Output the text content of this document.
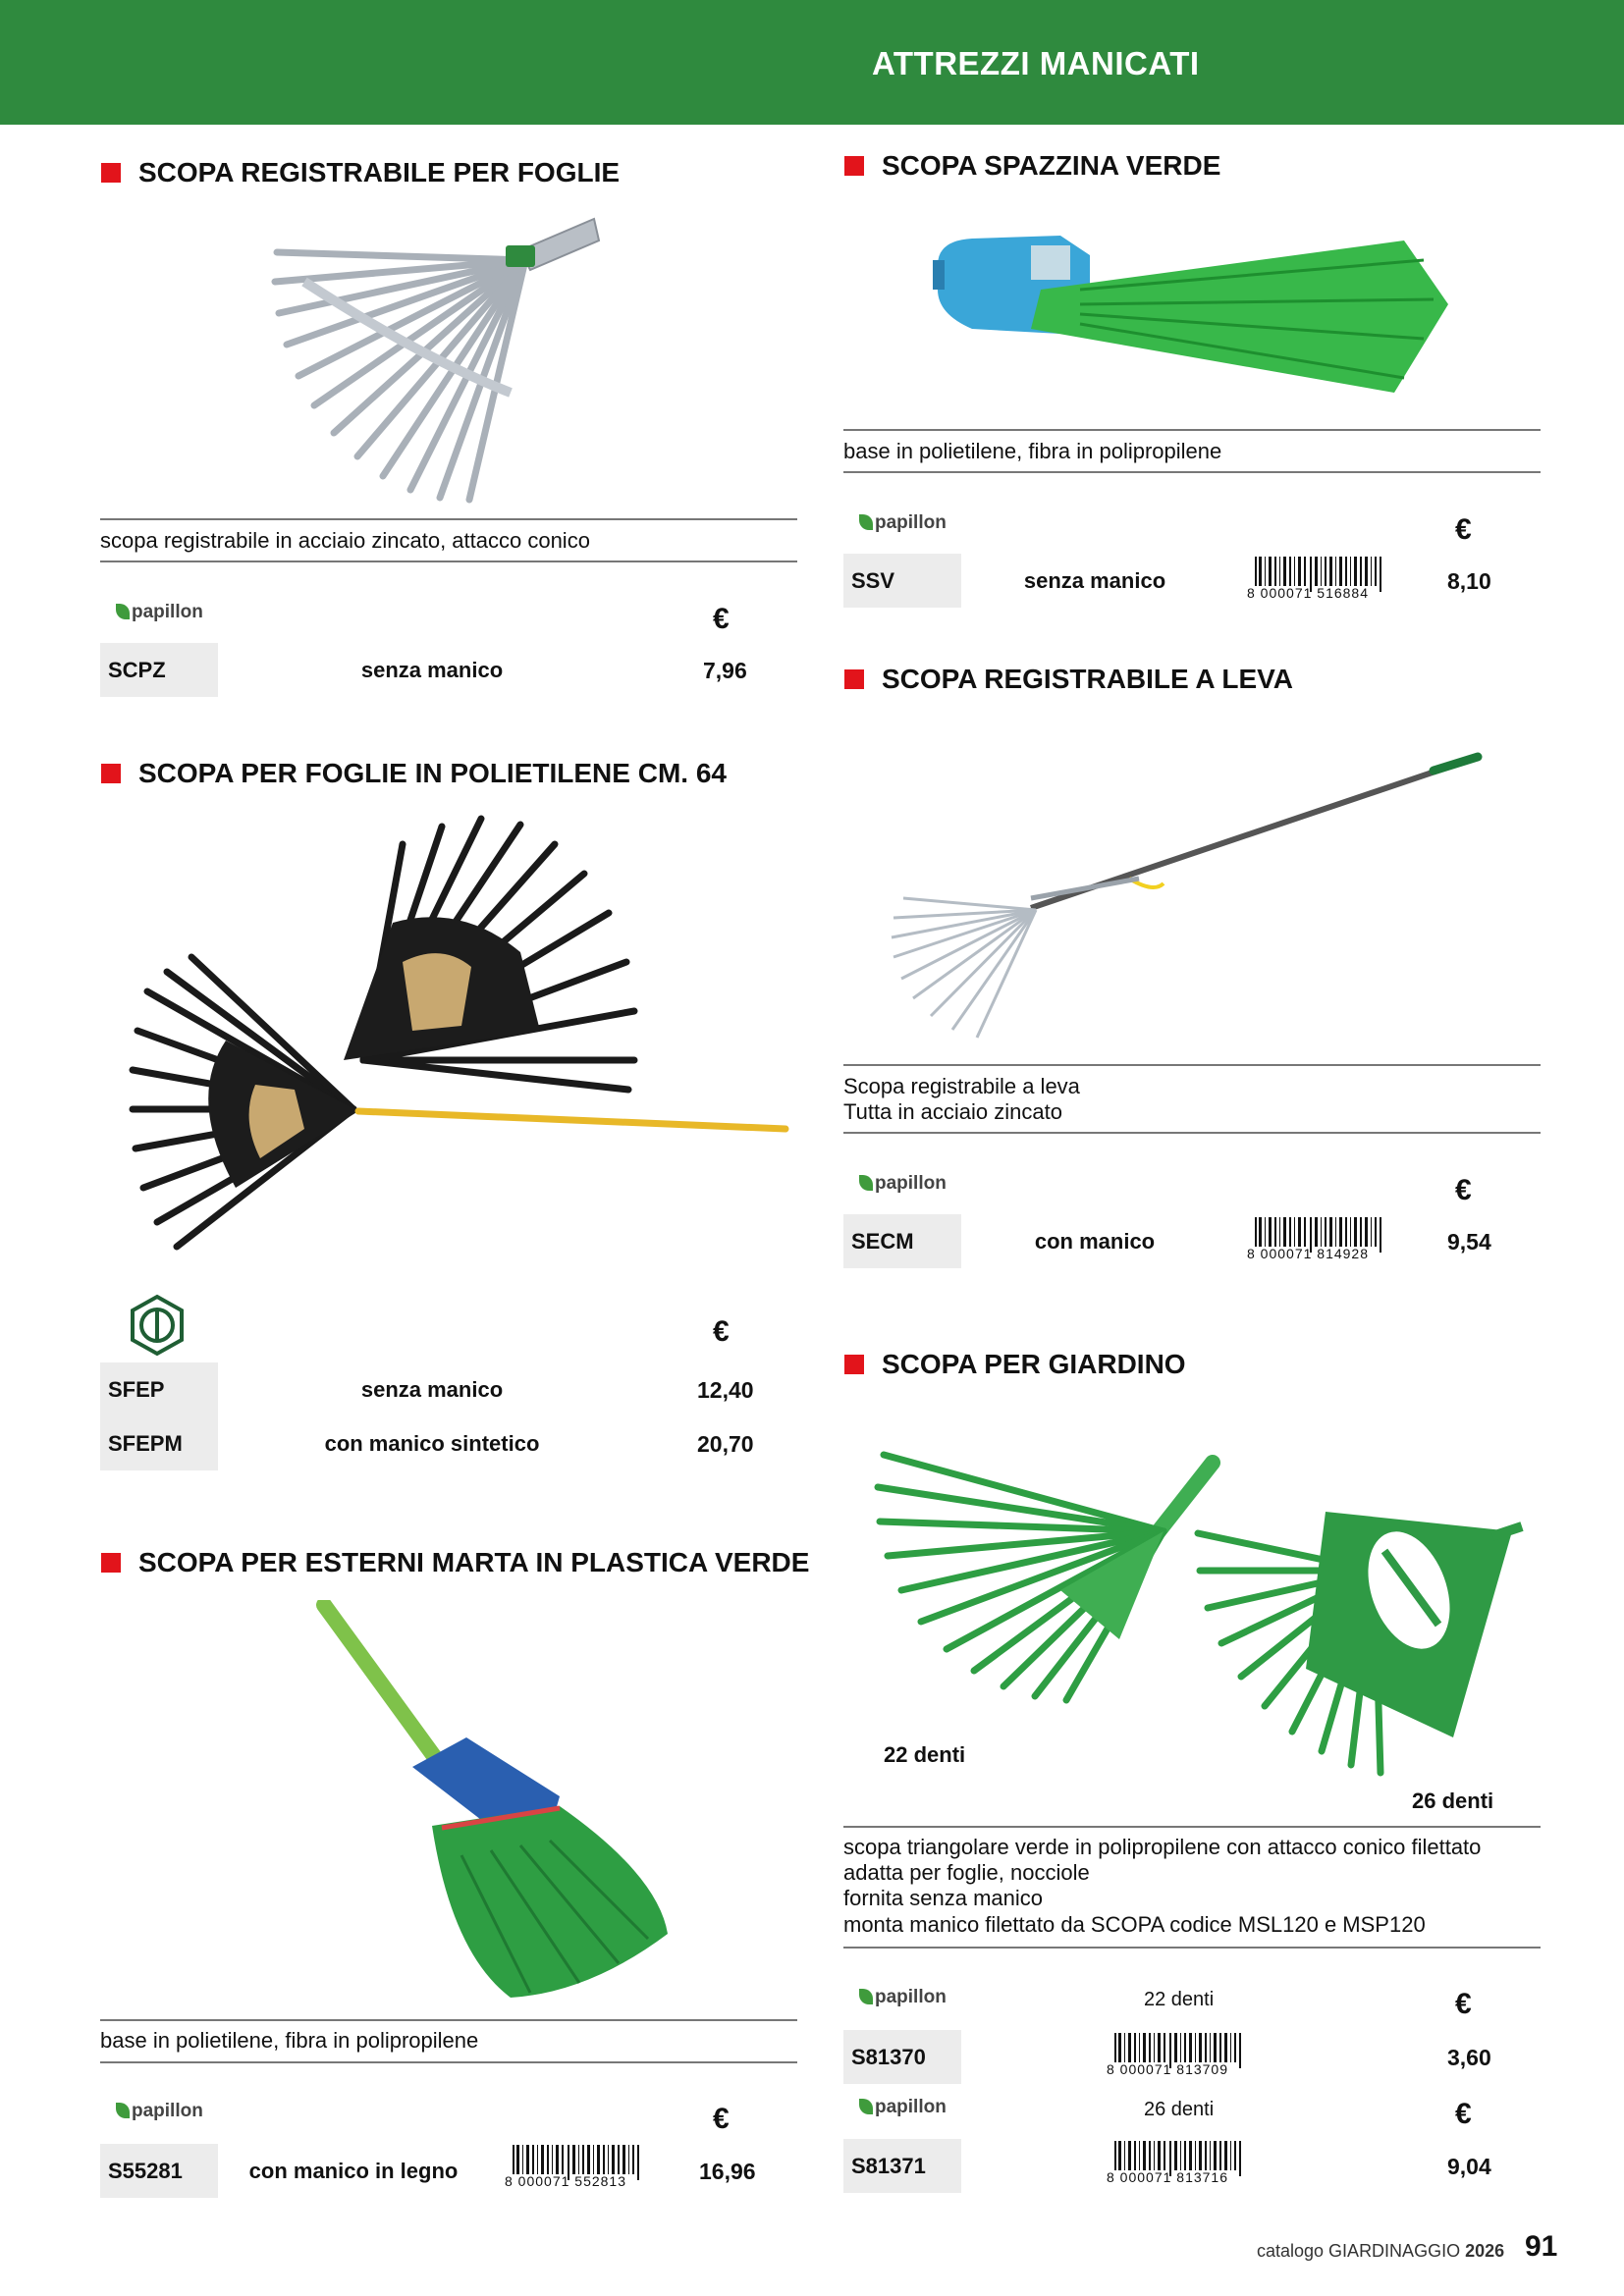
ATTREZZI MANICATI
SCOPA REGISTRABILE PER FOGLIE
scopa registrabile in acciaio zincato, attacco conico
papillon	€
SCPZ	senza manico	7,96
SCOPA PER FOGLIE IN POLIETILENE CM. 64
€
SFEP	senza manico	12,40
SFEPM	con manico sintetico	20,70
SCOPA PER ESTERNI MARTA IN PLASTICA VERDE
base in polietilene, fibra in polipropilene
papillon	€
S55281	con manico in legno	8 000071 552813	16,96
SCOPA SPAZZINA VERDE
base in polietilene, fibra in polipropilene
papillon	€
SSV	senza manico	8 000071 516884	8,10
SCOPA REGISTRABILE A LEVA
Scopa registrabile a leva
Tutta in acciaio zincato
papillon	€
SECM	con manico	8 000071 814928	9,54
SCOPA PER GIARDINO
22 denti
26 denti
scopa triangolare verde in polipropilene con attacco conico filettato
adatta per foglie, nocciole
fornita senza manico
monta manico filettato da SCOPA codice MSL120 e MSP120
papillon	22 denti	€
S81370	8 000071 813709	3,60
papillon	26 denti	€
S81371	8 000071 813716	9,04
catalogo GIARDINAGGIO 2026 91
